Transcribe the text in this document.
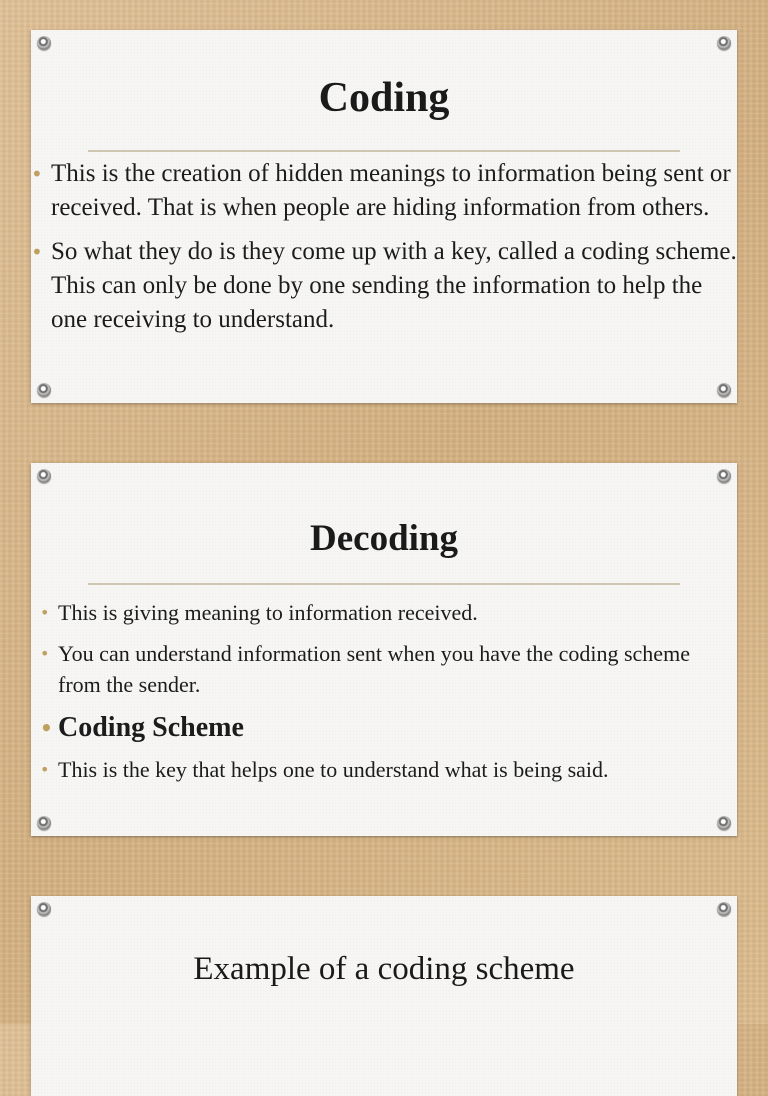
Coding
• This is the creation of hidden meanings to information being sent or received. That is when people are hiding information from others.
• So what they do is they come up with a key, called a coding scheme. This can only be done by one sending the information to help the one receiving to understand.
Decoding
• This is giving meaning to information received.
• You can understand information sent when you have the coding scheme from the sender.
• Coding Scheme
• This is the key that helps one to understand what is being said.
Example of a coding scheme
